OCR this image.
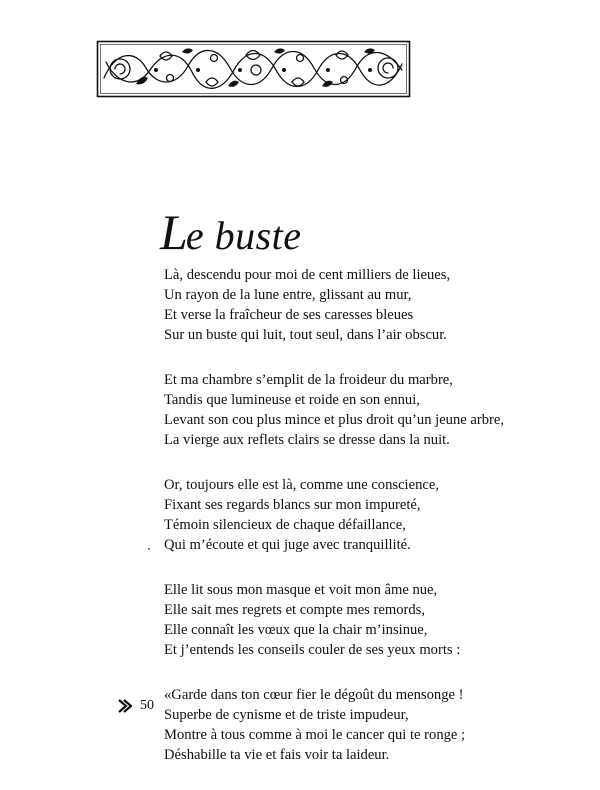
Le buste
Là, descendu pour moi de cent milliers de lieues,
Un rayon de la lune entre, glissant au mur,
Et verse la fraîcheur de ses caresses bleues
Sur un buste qui luit, tout seul, dans l’air obscur.
Et ma chambre s’emplit de la froideur du marbre,
Tandis que lumineuse et roide en son ennui,
Levant son cou plus mince et plus droit qu’un jeune arbre,
La vierge aux reflets clairs se dresse dans la nuit.
Or, toujours elle est là, comme une conscience,
Fixant ses regards blancs sur mon impureté,
Témoin silencieux de chaque défaillance,
Qui m’écoute et qui juge avec tranquillité.
Elle lit sous mon masque et voit mon âme nue,
Elle sait mes regrets et compte mes remords,
Elle connaît les vœux que la chair m’insinue,
Et j’entends les conseils couler de ses yeux morts :
«Garde dans ton cœur fier le dégoût du mensonge !
Superbe de cynisme et de triste impudeur,
Montre à tous comme à moi le cancer qui te ronge ;
Déshabille ta vie et fais voir ta laideur.
50
